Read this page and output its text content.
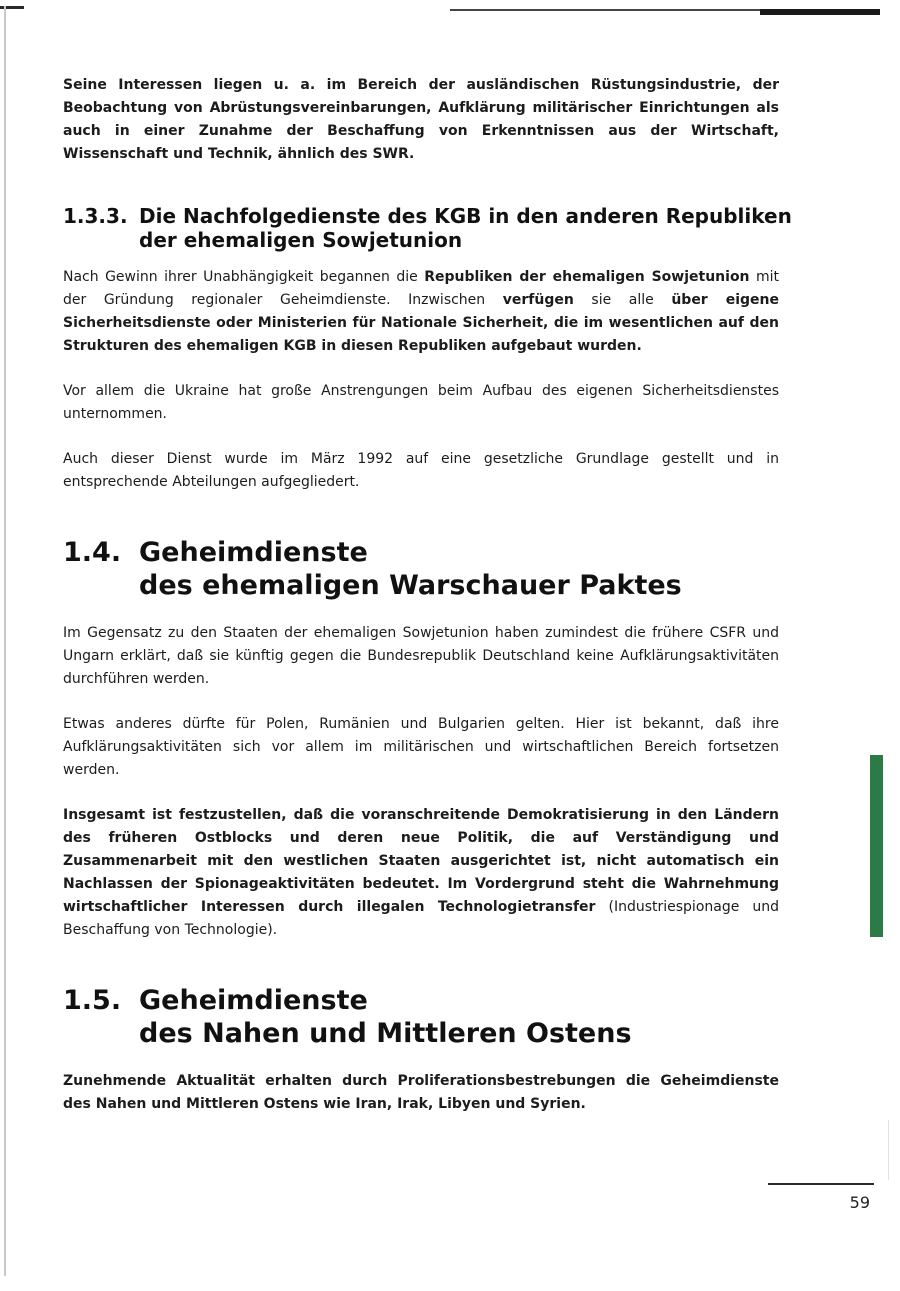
Seine Interessen liegen u. a. im Bereich der ausländischen Rüstungsindustrie, der Beobachtung von Abrüstungsvereinbarungen, Aufklärung militärischer Einrichtungen als auch in einer Zunahme der Beschaffung von Erkenntnissen aus der Wirtschaft, Wissenschaft und Technik, ähnlich des SWR.

1.3.3. Die Nachfolgedienste des KGB in den anderen Republiken
der ehemaligen Sowjetunion

Nach Gewinn ihrer Unabhängigkeit begannen die Republiken der ehemaligen Sowjetunion mit der Gründung regionaler Geheimdienste. Inzwischen verfügen sie alle über eigene Sicherheitsdienste oder Ministerien für Nationale Sicherheit, die im wesentlichen auf den Strukturen des ehemaligen KGB in diesen Republiken aufgebaut wurden.

Vor allem die Ukraine hat große Anstrengungen beim Aufbau des eigenen Sicherheitsdienstes unternommen.

Auch dieser Dienst wurde im März 1992 auf eine gesetzliche Grundlage gestellt und in entsprechende Abteilungen aufgegliedert.

1.4. Geheimdienste
des ehemaligen Warschauer Paktes

Im Gegensatz zu den Staaten der ehemaligen Sowjetunion haben zumindest die frühere CSFR und Ungarn erklärt, daß sie künftig gegen die Bundesrepublik Deutschland keine Aufklärungsaktivitäten durchführen werden.

Etwas anderes dürfte für Polen, Rumänien und Bulgarien gelten. Hier ist bekannt, daß ihre Aufklärungsaktivitäten sich vor allem im militärischen und wirtschaftlichen Bereich fortsetzen werden.

Insgesamt ist festzustellen, daß die voranschreitende Demokratisierung in den Ländern des früheren Ostblocks und deren neue Politik, die auf Verständigung und Zusammenarbeit mit den westlichen Staaten ausgerichtet ist, nicht automatisch ein Nachlassen der Spionageaktivitäten bedeutet. Im Vordergrund steht die Wahrnehmung wirtschaftlicher Interessen durch illegalen Technologietransfer (Industriespionage und Beschaffung von Technologie).

1.5. Geheimdienste
des Nahen und Mittleren Ostens

Zunehmende Aktualität erhalten durch Proliferationsbestrebungen die Geheimdienste des Nahen und Mittleren Ostens wie Iran, Irak, Libyen und Syrien.

59
